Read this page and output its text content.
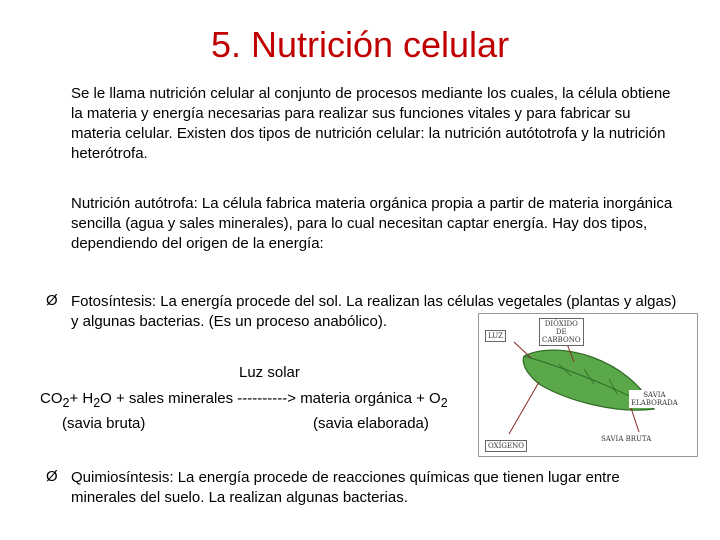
5. Nutrición celular
Se le llama nutrición celular al conjunto de procesos mediante los cuales, la célula obtiene la materia y energía necesarias para realizar sus funciones vitales y para fabricar su materia celular. Existen dos tipos de nutrición celular: la nutrición autótotrofa y la nutrición heterótrofa.
Nutrición autótrofa: La célula fabrica materia orgánica propia a partir de materia inorgánica sencilla (agua y sales minerales), para lo cual necesitan captar energía. Hay dos tipos, dependiendo del origen de la energía:
Ø Fotosíntesis: La energía procede del sol. La realizan las células vegetales (plantas y algas) y algunas bacterias. (Es un proceso anabólico).
Luz solar
$CO_2+ H_2O$ + sales minerales ----------> materia orgánica + $O_2$
(savia bruta)	(savia elaborada)
LUZ
DIÓXIDO
DE
CARBONO
SAVIA
ELABORADA
OXÍGENO
SAVIA BRUTA
Ø Quimiosíntesis: La energía procede de reacciones químicas que tienen lugar entre minerales del suelo. La realizan algunas bacterias.
